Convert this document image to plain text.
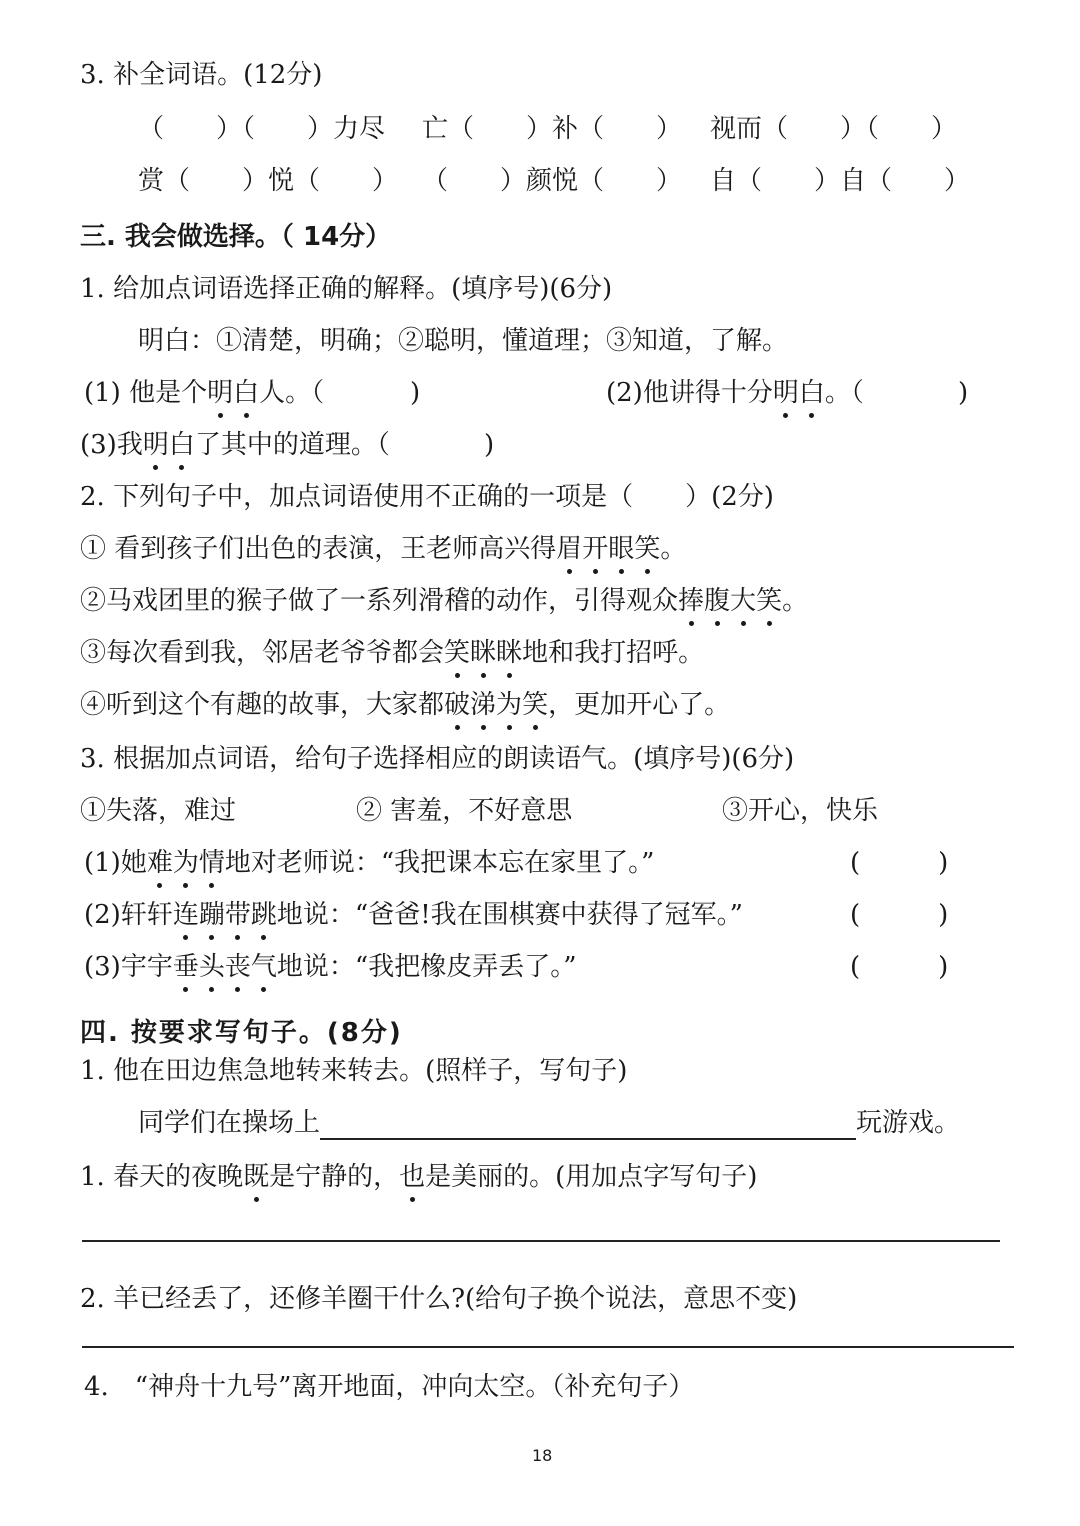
3. 补全词语。(12分)
（　　）（　　）力尽 亡（　　）补（　　） 视而（　　）（　　）
赏（　　）悦（　　） （　　）颜悦（　　） 自（　　）自（　　）
三. 我会做选择。（ 14分）
1. 给加点词语选择正确的解释。(填序号)(6分)
明白：①清楚，明确；②聪明，懂道理；③知道，了解。
(1) 他是个明白人。（	)	(2)他讲得十分明白。（	)
(3)我明白了其中的道理。（	)
2. 下列句子中，加点词语使用不正确的一项是（　　）(2分)
① 看到孩子们出色的表演，王老师高兴得眉开眼笑。
②马戏团里的猴子做了一系列滑稽的动作，引得观众捧腹大笑。
③每次看到我，邻居老爷爷都会笑眯眯地和我打招呼。
④听到这个有趣的故事，大家都破涕为笑，更加开心了。
3. 根据加点词语，给句子选择相应的朗读语气。(填序号)(6分)
①失落，难过	② 害羞，不好意思	③开心，快乐
(1)她难为情地对老师说：“我把课本忘在家里了。”	(　　　)
(2)轩轩连蹦带跳地说：“爸爸!我在围棋赛中获得了冠军。”	(　　　)
(3)宇宇垂头丧气地说：“我把橡皮弄丢了。”	(　　　)
四. 按要求写句子。(8分)
1. 他在田边焦急地转来转去。(照样子，写句子)
同学们在操场上	玩游戏。
1. 春天的夜晚既是宁静的，也是美丽的。(用加点字写句子)
2. 羊已经丢了，还修羊圈干什么?(给句子换个说法，意思不变)
4.　“神舟十九号”离开地面，冲向太空。（补充句子）
18
